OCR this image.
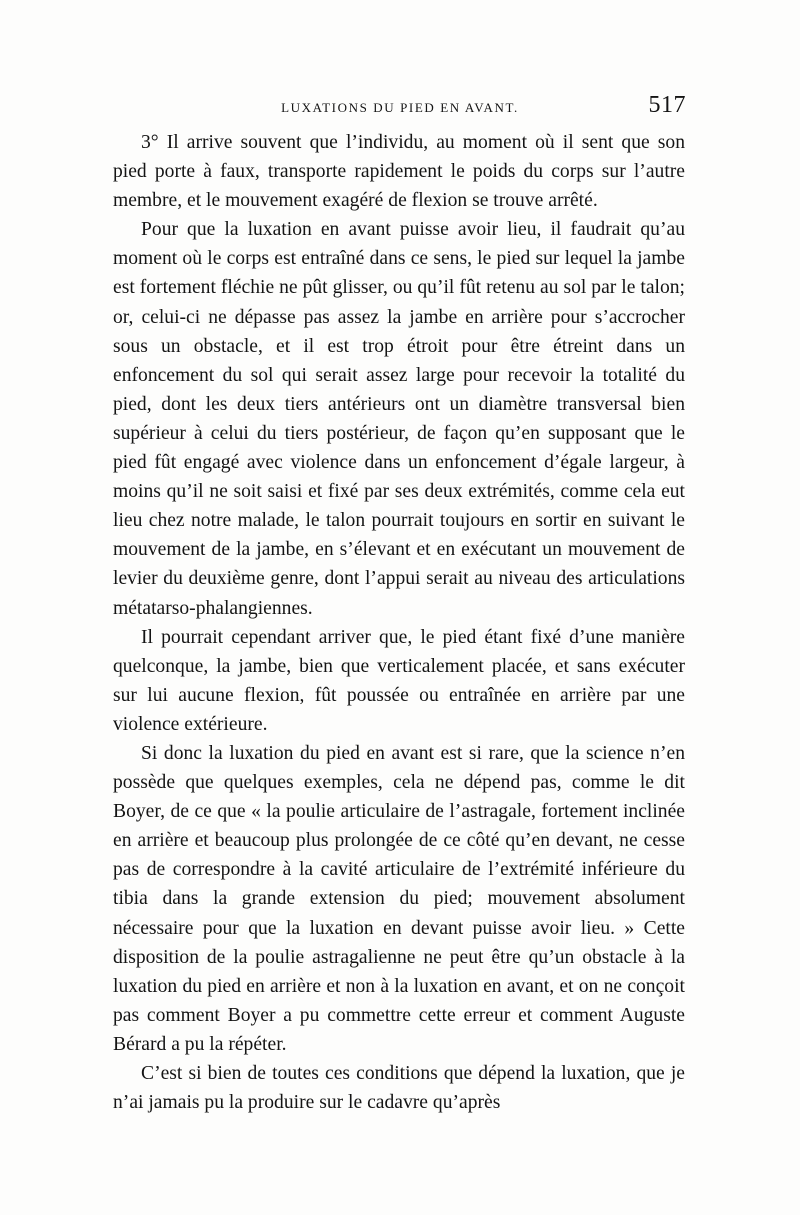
LUXATIONS DU PIED EN AVANT.	517

3° Il arrive souvent que l’individu, au moment où il sent que son pied porte à faux, transporte rapidement le poids du corps sur l’autre membre, et le mouvement exagéré de flexion se trouve arrêté.

Pour que la luxation en avant puisse avoir lieu, il faudrait qu’au moment où le corps est entraîné dans ce sens, le pied sur lequel la jambe est fortement fléchie ne pût glisser, ou qu’il fût retenu au sol par le talon; or, celui-ci ne dépasse pas assez la jambe en arrière pour s’accrocher sous un obstacle, et il est trop étroit pour être étreint dans un enfoncement du sol qui serait assez large pour recevoir la totalité du pied, dont les deux tiers antérieurs ont un diamètre transversal bien supérieur à celui du tiers postérieur, de façon qu’en supposant que le pied fût engagé avec violence dans un enfoncement d’égale largeur, à moins qu’il ne soit saisi et fixé par ses deux extrémités, comme cela eut lieu chez notre malade, le talon pourrait toujours en sortir en suivant le mouvement de la jambe, en s’élevant et en exécutant un mouvement de levier du deuxième genre, dont l’appui serait au niveau des articulations métatarso-phalangiennes.

Il pourrait cependant arriver que, le pied étant fixé d’une manière quelconque, la jambe, bien que verticalement placée, et sans exécuter sur lui aucune flexion, fût poussée ou entraînée en arrière par une violence extérieure.

Si donc la luxation du pied en avant est si rare, que la science n’en possède que quelques exemples, cela ne dépend pas, comme le dit Boyer, de ce que « la poulie articulaire de l’astragale, fortement inclinée en arrière et beaucoup plus prolongée de ce côté qu’en devant, ne cesse pas de correspondre à la cavité articulaire de l’extrémité inférieure du tibia dans la grande extension du pied; mouvement absolument nécessaire pour que la luxation en devant puisse avoir lieu. » Cette disposition de la poulie astragalienne ne peut être qu’un obstacle à la luxation du pied en arrière et non à la luxation en avant, et on ne conçoit pas comment Boyer a pu commettre cette erreur et comment Auguste Bérard a pu la répéter.

C’est si bien de toutes ces conditions que dépend la luxation, que je n’ai jamais pu la produire sur le cadavre qu’après
